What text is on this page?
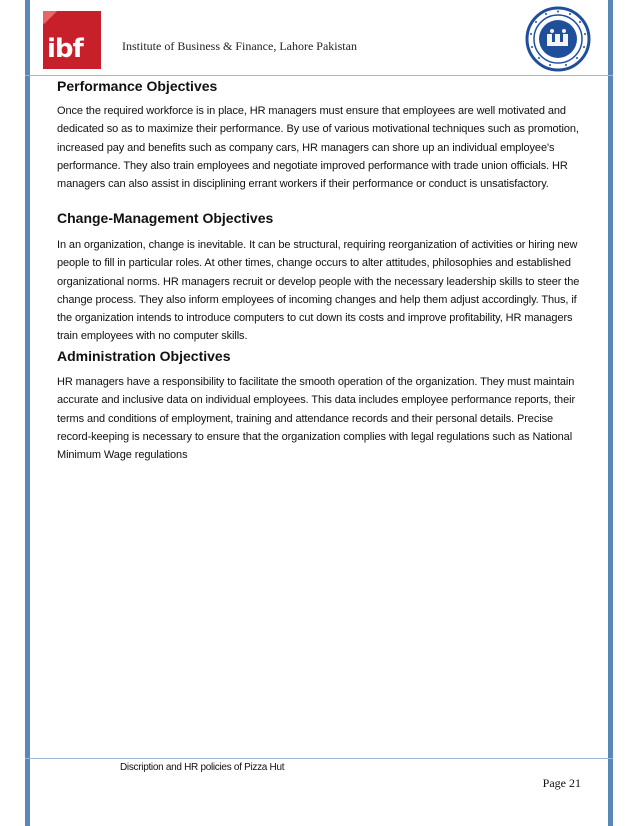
ibf	Institute of Business & Finance, Lahore Pakistan
Performance Objectives

Once the required workforce is in place, HR managers must ensure that employees are well motivated and dedicated so as to maximize their performance. By use of various motivational techniques such as promotion, increased pay and benefits such as company cars, HR managers can shore up an individual employee's performance. They also train employees and negotiate improved performance with trade union officials. HR managers can also assist in disciplining errant workers if their performance or conduct is unsatisfactory.

Change-Management Objectives

In an organization, change is inevitable. It can be structural, requiring reorganization of activities or hiring new people to fill in particular roles. At other times, change occurs to alter attitudes, philosophies and established organizational norms. HR managers recruit or develop people with the necessary leadership skills to steer the change process. They also inform employees of incoming changes and help them adjust accordingly. Thus, if the organization intends to introduce computers to cut down its costs and improve profitability, HR managers train employees with no computer skills.

Administration Objectives

HR managers have a responsibility to facilitate the smooth operation of the organization. They must maintain accurate and inclusive data on individual employees. This data includes employee performance reports, their terms and conditions of employment, training and attendance records and their personal details. Precise record-keeping is necessary to ensure that the organization complies with legal regulations such as National Minimum Wage regulations

Discription and HR policies of Pizza Hut
Page 21
